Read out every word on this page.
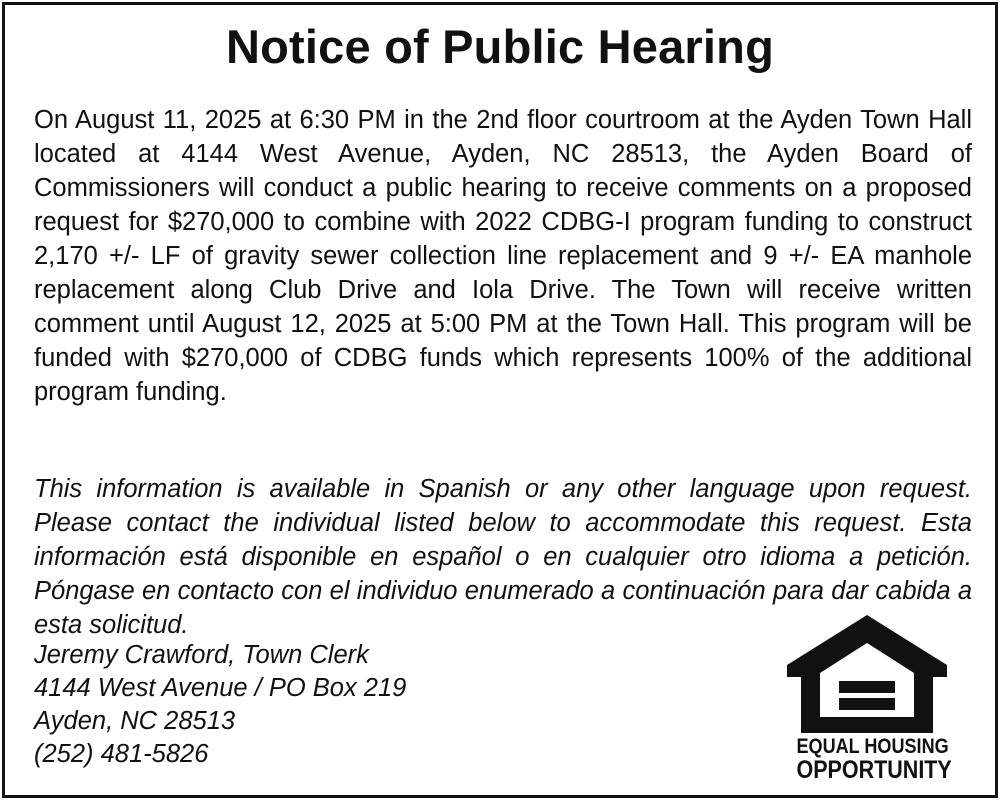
Notice of Public Hearing

On August 11, 2025 at 6:30 PM in the 2nd floor courtroom at the Ayden Town Hall located at 4144 West Avenue, Ayden, NC 28513, the Ayden Board of Commissioners will conduct a public hearing to receive comments on a proposed request for $270,000 to combine with 2022 CDBG-I program funding to construct 2,170 +/- LF of gravity sewer collection line replacement and 9 +/- EA manhole replacement along Club Drive and Iola Drive. The Town will receive written comment until August 12, 2025 at 5:00 PM at the Town Hall. This program will be funded with $270,000 of CDBG funds which represents 100% of the additional program funding.

This information is available in Spanish or any other language upon request. Please contact the individual listed below to accommodate this request. Esta información está disponible en español o en cualquier otro idioma a petición. Póngase en contacto con el individuo enumerado a continuación para dar cabida a esta solicitud.

Jeremy Crawford, Town Clerk
4144 West Avenue / PO Box 219
Ayden, NC 28513
(252) 481-5826	EQUAL HOUSING
OPPORTUNITY
